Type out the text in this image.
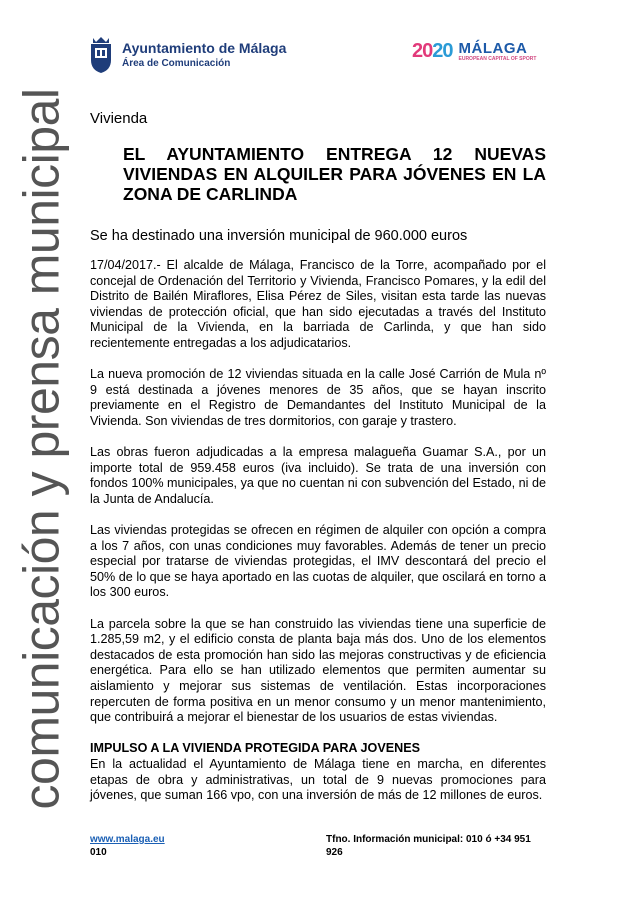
comunicación y prensa municipal
Ayuntamiento de Málaga
Área de Comunicación
2020 MÁLAGA
EUROPEAN CAPITAL OF SPORT
Vivienda
EL AYUNTAMIENTO ENTREGA 12 NUEVAS VIVIENDAS EN ALQUILER PARA JÓVENES EN LA ZONA DE CARLINDA
Se ha destinado una inversión municipal de 960.000 euros

17/04/2017.- El alcalde de Málaga, Francisco de la Torre, acompañado por el concejal de Ordenación del Territorio y Vivienda, Francisco Pomares, y la edil del Distrito de Bailén Miraflores, Elisa Pérez de Siles, visitan esta tarde las nuevas viviendas de protección oficial, que han sido ejecutadas a través del Instituto Municipal de la Vivienda, en la barriada de Carlinda, y que han sido recientemente entregadas a los adjudicatarios.

La nueva promoción de 12 viviendas situada en la calle José Carrión de Mula nº 9 está destinada a jóvenes menores de 35 años, que se hayan inscrito previamente en el Registro de Demandantes del Instituto Municipal de la Vivienda. Son viviendas de tres dormitorios, con garaje y trastero.

Las obras fueron adjudicadas a la empresa malagueña Guamar S.A., por un importe total de 959.458 euros (iva incluido). Se trata de una inversión con fondos 100% municipales, ya que no cuentan ni con subvención del Estado, ni de la Junta de Andalucía.

Las viviendas protegidas se ofrecen en régimen de alquiler con opción a compra a los 7 años, con unas condiciones muy favorables. Además de tener un precio especial por tratarse de viviendas protegidas, el IMV descontará del precio el 50% de lo que se haya aportado en las cuotas de alquiler, que oscilará en torno a los 300 euros.

La parcela sobre la que se han construido las viviendas tiene una superficie de 1.285,59 m2, y el edificio consta de planta baja más dos. Uno de los elementos destacados de esta promoción han sido las mejoras constructivas y de eficiencia energética. Para ello se han utilizado elementos que permiten aumentar su aislamiento y mejorar sus sistemas de ventilación. Estas incorporaciones repercuten de forma positiva en un menor consumo y un menor mantenimiento, que contribuirá a mejorar el bienestar de los usuarios de estas viviendas.

IMPULSO A LA VIVIENDA PROTEGIDA PARA JOVENES

En la actualidad el Ayuntamiento de Málaga tiene en marcha, en diferentes etapas de obra y administrativas, un total de 9 nuevas promociones para jóvenes, que suman 166 vpo, con una inversión de más de 12 millones de euros.

www.malaga.eu	Tfno. Información municipal: 010 ó +34 951 926
010
